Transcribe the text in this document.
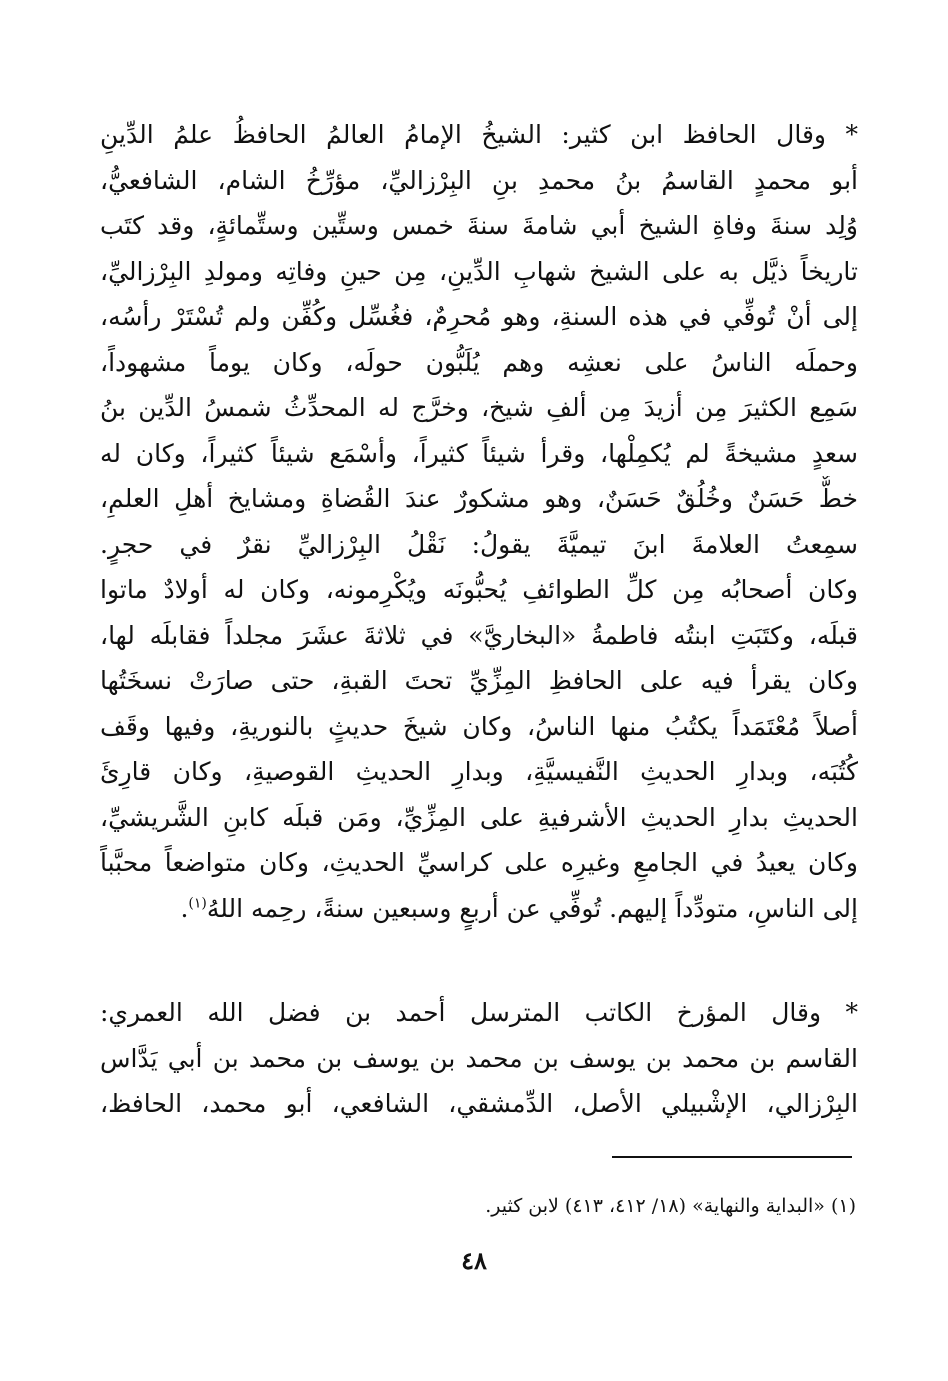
* وقال الحافظ ابن كثير: الشيخُ الإمامُ العالمُ الحافظُ علمُ الدِّينِ
أبو محمدٍ القاسمُ بنُ محمدِ بنِ البِرْزاليِّ، مؤرِّخُ الشام، الشافعيُّ،
وُلِد سنةَ وفاةِ الشيخ أبي شامةَ سنةَ خمس وستِّين وستِّمائةٍ، وقد كتَب
تاريخاً ذيَّل به على الشيخ شهابِ الدِّينِ، مِن حينِ وفاتِه ومولدِ البِرْزاليِّ،
إلى أنْ تُوفِّي في هذه السنةِ، وهو مُحرِمٌ، فغُسِّل وكُفِّن ولم تُسْتَرْ رأسُه،
وحملَه الناسُ على نعشِه وهم يُلَبُّون حولَه، وكان يوماً مشهوداً،
سَمِع الكثيرَ مِن أزيدَ مِن ألفِ شيخ، وخرَّج له المحدِّثُ شمسُ الدِّين بنُ
سعدٍ مشيخةً لم يُكمِلْها، وقرأ شيئاً كثيراً، وأسْمَع شيئاً كثيراً، وكان له
خطٌّ حَسَنٌ وخُلُقٌ حَسَنٌ، وهو مشكورٌ عندَ القُضاةِ ومشايخ أهلِ العلمِ،
سمِعتُ العلامةَ ابنَ تيميَّةَ يقولُ: نَقْلُ البِرْزاليِّ نقرٌ في حجرٍ.
وكان أصحابُه مِن كلِّ الطوائفِ يُحبُّونَه ويُكْرِمونه، وكان له أولادٌ ماتوا
قبلَه، وكتَبَتِ ابنتُه فاطمةُ «البخاريَّ» في ثلاثةَ عشَرَ مجلداً فقابلَه لها،
وكان يقرأ فيه على الحافظِ المِزِّيِّ تحتَ القبةِ، حتى صارَتْ نسخَتُها
أصلاً مُعْتَمَداً يكتُبُ منها الناسُ، وكان شيخَ حديثٍ بالنوريةِ، وفيها وقَف
كُتُبَه، وبدارِ الحديثِ النَّفيسيَّةِ، وبدارِ الحديثِ القوصيةِ، وكان قارِئَ
الحديثِ بدارِ الحديثِ الأشرفيةِ على المِزِّيِّ، ومَن قبلَه كابنِ الشَّريشيِّ،
وكان يعيدُ في الجامعِ وغيرِه على كراسيِّ الحديثِ، وكان متواضعاً محبَّباً
إلى الناسِ، متودِّداً إليهم. تُوفِّي عن أربعٍ وسبعين سنةً، رحِمه اللهُ$^{(١)}$.
* وقال المؤرخ الكاتب المترسل أحمد بن فضل الله العمري:
القاسم بن محمد بن يوسف بن محمد بن يوسف بن محمد بن أبي يَدَّاس
البِرْزالي، الإشْبيلي الأصل، الدِّمشقي، الشافعي، أبو محمد، الحافظ،
(١) «البداية والنهاية» (١٨/ ٤١٢، ٤١٣) لابن كثير.
٤٨
